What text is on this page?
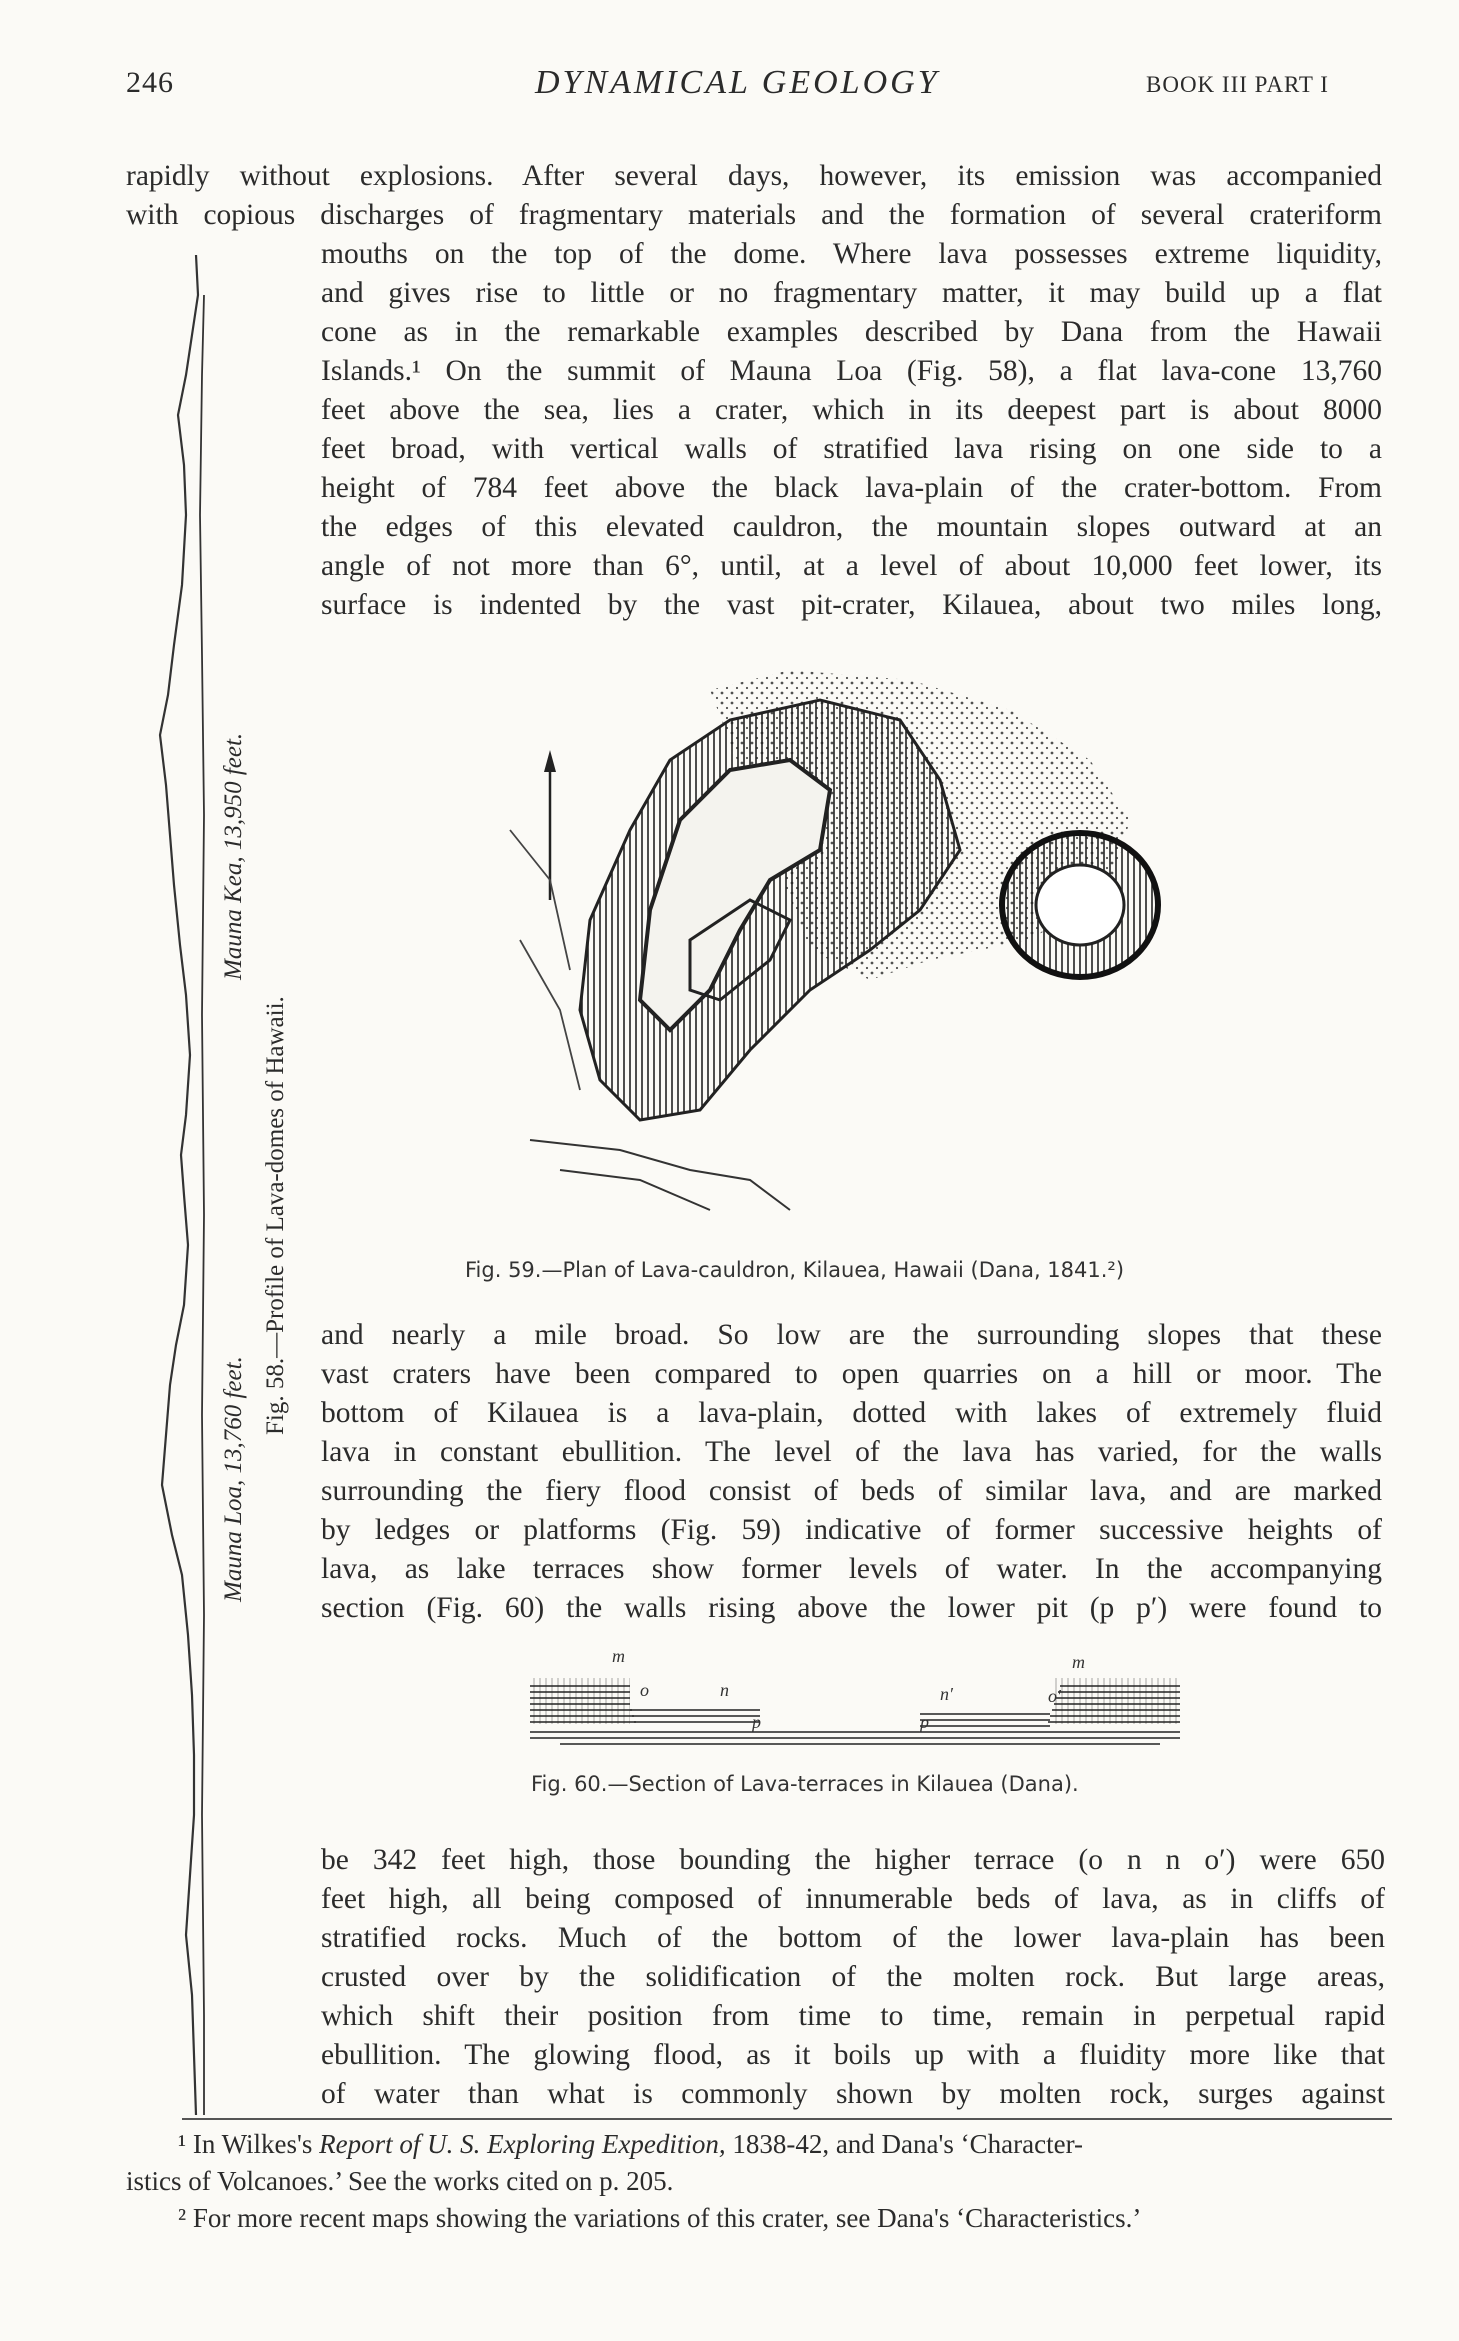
246	DYNAMICAL GEOLOGY	BOOK III PART I
rapidly without explosions. After several days, however, its emission was accompanied
with copious discharges of fragmentary materials and the formation of several crateriform
mouths on the top of the dome. Where lava possesses extreme liquidity,
and gives rise to little or no fragmentary matter, it may build up a flat
cone as in the remarkable examples described by Dana from the Hawaii
Islands.¹ On the summit of Mauna Loa (Fig. 58), a flat lava-cone 13,760
feet above the sea, lies a crater, which in its deepest part is about 8000
feet broad, with vertical walls of stratified lava rising on one side to a
height of 784 feet above the black lava-plain of the crater-bottom. From
the edges of this elevated cauldron, the mountain slopes outward at an
angle of not more than 6°, until, at a level of about 10,000 feet lower, its
surface is indented by the vast pit-crater, Kilauea, about two miles long,
Mauna Kea, 13,950 feet.
Mauna Loa, 13,760 feet.
Fig. 58.—Profile of Lava-domes of Hawaii.	Fig. 59.—Plan of Lava-cauldron, Kilauea, Hawaii (Dana, 1841.²)
and nearly a mile broad. So low are the surrounding slopes that these
vast craters have been compared to open quarries on a hill or moor. The
bottom of Kilauea is a lava-plain, dotted with lakes of extremely fluid
lava in constant ebullition. The level of the lava has varied, for the walls
surrounding the fiery flood consist of beds of similar lava, and are marked
by ledges or platforms (Fig. 59) indicative of former successive heights of
lava, as lake terraces show former levels of water. In the accompanying
section (Fig. 60) the walls rising above the lower pit (p p′) were found to
m	m
o	o′
n	n′
p	p
Fig. 60.—Section of Lava-terraces in Kilauea (Dana).
be 342 feet high, those bounding the higher terrace (o n n o′) were 650
feet high, all being composed of innumerable beds of lava, as in cliffs of
stratified rocks. Much of the bottom of the lower lava-plain has been
crusted over by the solidification of the molten rock. But large areas,
which shift their position from time to time, remain in perpetual rapid
ebullition. The glowing flood, as it boils up with a fluidity more like that
of water than what is commonly shown by molten rock, surges against
¹ In Wilkes's Report of U. S. Exploring Expedition, 1838-42, and Dana's ‘Character-
istics of Volcanoes.’ See the works cited on p. 205.
² For more recent maps showing the variations of this crater, see Dana's ‘Characteristics.’
